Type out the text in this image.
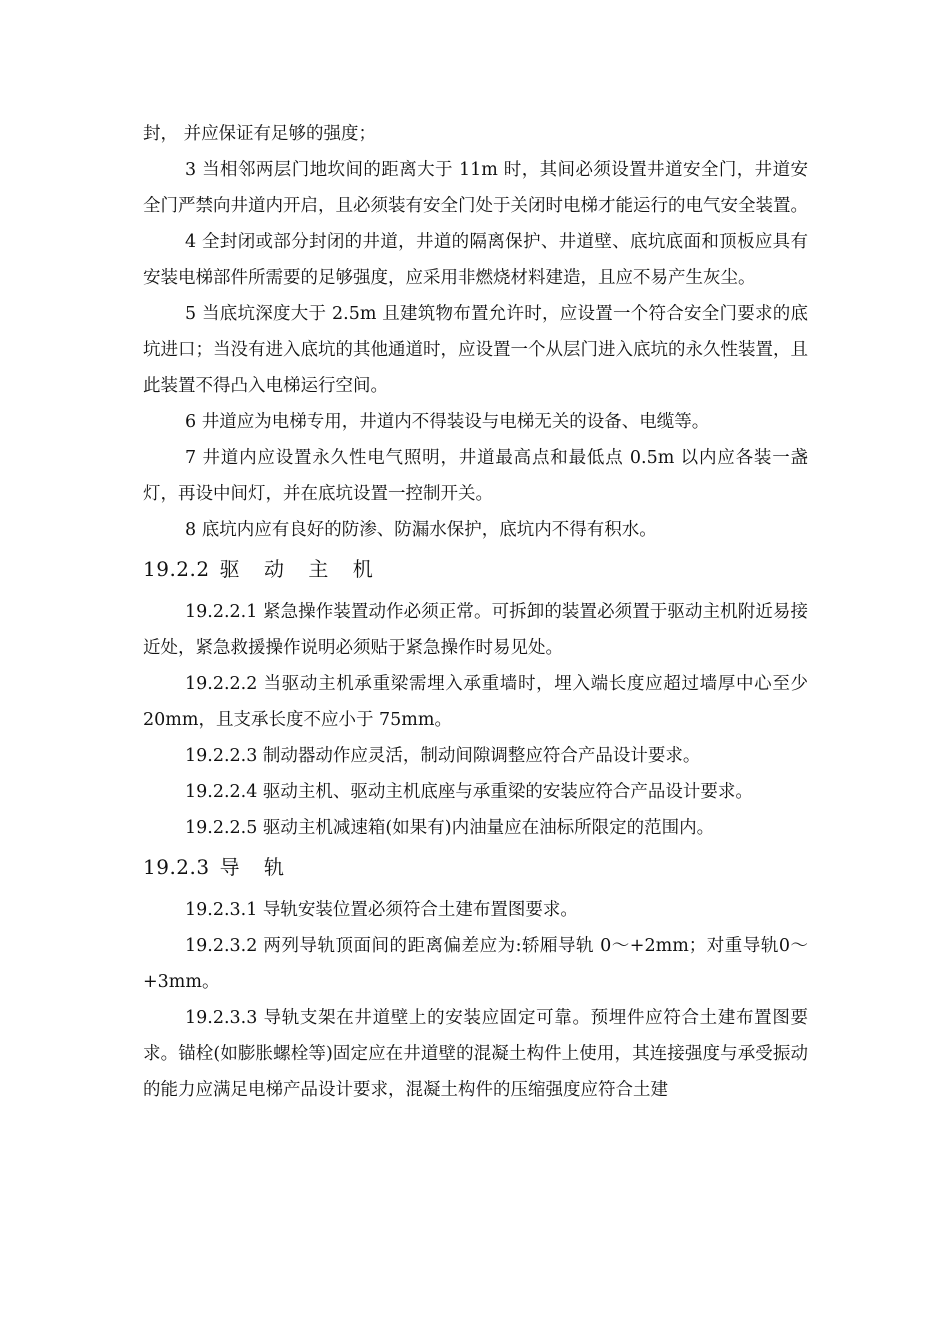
封， 并应保证有足够的强度；

3 当相邻两层门地坎间的距离大于 11m 时，其间必须设置井道安全门，井道安全门严禁向井道内开启，且必须装有安全门处于关闭时电梯才能运行的电气安全装置。

4 全封闭或部分封闭的井道，井道的隔离保护、井道壁、底坑底面和顶板应具有安装电梯部件所需要的足够强度，应采用非燃烧材料建造，且应不易产生灰尘。

5 当底坑深度大于 2.5m 且建筑物布置允许时，应设置一个符合安全门要求的底坑进口；当没有进入底坑的其他通道时，应设置一个从层门进入底坑的永久性装置，且此装置不得凸入电梯运行空间。

6 井道应为电梯专用，井道内不得装设与电梯无关的设备、电缆等。

7 井道内应设置永久性电气照明，井道最高点和最低点 0.5m 以内应各装一盏灯，再设中间灯，并在底坑设置一控制开关。

8 底坑内应有良好的防渗、防漏水保护，底坑内不得有积水。

19.2.2 驱 动 主 机

19.2.2.1 紧急操作装置动作必须正常。可拆卸的装置必须置于驱动主机附近易接近处，紧急救援操作说明必须贴于紧急操作时易见处。

19.2.2.2 当驱动主机承重梁需埋入承重墙时，埋入端长度应超过墙厚中心至少 20mm，且支承长度不应小于 75mm。

19.2.2.3 制动器动作应灵活，制动间隙调整应符合产品设计要求。

19.2.2.4 驱动主机、驱动主机底座与承重梁的安装应符合产品设计要求。

19.2.2.5 驱动主机减速箱(如果有)内油量应在油标所限定的范围内。

19.2.3 导 轨

19.2.3.1 导轨安装位置必须符合土建布置图要求。

19.2.3.2 两列导轨顶面间的距离偏差应为:轿厢导轨 0～+2mm；对重导轨0～+3mm。

19.2.3.3 导轨支架在井道壁上的安装应固定可靠。预埋件应符合土建布置图要求。锚栓(如膨胀螺栓等)固定应在井道壁的混凝土构件上使用，其连接强度与承受振动的能力应满足电梯产品设计要求，混凝土构件的压缩强度应符合土建
